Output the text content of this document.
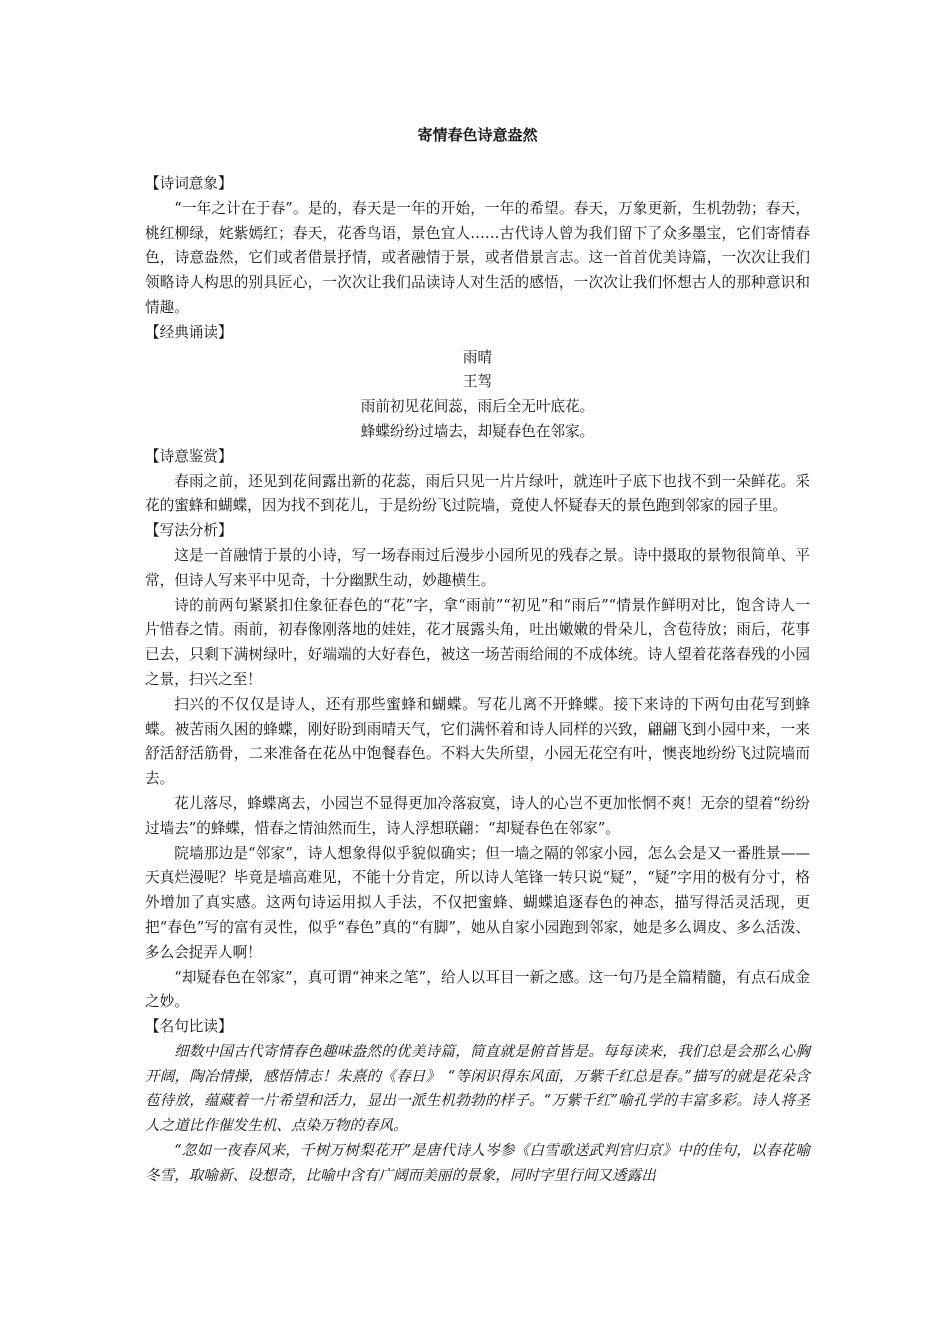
寄情春色诗意盎然

【诗词意象】

“一年之计在于春”。是的，春天是一年的开始，一年的希望。春天，万象更新，生机勃勃；春天，桃红柳绿，姹紫嫣红；春天，花香鸟语，景色宜人……古代诗人曾为我们留下了众多墨宝，它们寄情春色，诗意盎然，它们或者借景抒情，或者融情于景，或者借景言志。这一首首优美诗篇，一次次让我们领略诗人构思的别具匠心，一次次让我们品读诗人对生活的感悟，一次次让我们怀想古人的那种意识和情趣。

【经典诵读】

雨晴

王驾

雨前初见花间蕊，雨后全无叶底花。

蜂蝶纷纷过墙去，却疑春色在邻家。

【诗意鉴赏】

春雨之前，还见到花间露出新的花蕊，雨后只见一片片绿叶，就连叶子底下也找不到一朵鲜花。采花的蜜蜂和蝴蝶，因为找不到花儿，于是纷纷飞过院墙，竟使人怀疑春天的景色跑到邻家的园子里。

【写法分析】

这是一首融情于景的小诗，写一场春雨过后漫步小园所见的残春之景。诗中摄取的景物很简单、平常，但诗人写来平中见奇，十分幽默生动，妙趣横生。

诗的前两句紧紧扣住象征春色的“花”字，拿“雨前”“初见”和“雨后”“情景作鲜明对比，饱含诗人一片惜春之情。雨前，初春像刚落地的娃娃，花才展露头角，吐出嫩嫩的骨朵儿，含苞待放；雨后，花事已去，只剩下满树绿叶，好端端的大好春色，被这一场苦雨给闹的不成体统。诗人望着花落春残的小园之景，扫兴之至！

扫兴的不仅仅是诗人，还有那些蜜蜂和蝴蝶。写花儿离不开蜂蝶。接下来诗的下两句由花写到蜂蝶。被苦雨久困的蜂蝶，刚好盼到雨晴天气，它们满怀着和诗人同样的兴致，翩翩飞到小园中来，一来舒活舒活筋骨，二来准备在花丛中饱餐春色。不料大失所望，小园无花空有叶，懊丧地纷纷飞过院墙而去。

花儿落尽，蜂蝶离去，小园岂不显得更加冷落寂寞，诗人的心岂不更加怅惘不爽！无奈的望着“纷纷过墙去”的蜂蝶，惜春之情油然而生，诗人浮想联翩：“却疑春色在邻家”。

院墙那边是“邻家”，诗人想象得似乎貌似确实；但一墙之隔的邻家小园，怎么会是又一番胜景——天真烂漫呢？毕竟是墙高难见，不能十分肯定，所以诗人笔锋一转只说“疑”，“疑”字用的极有分寸，格外增加了真实感。这两句诗运用拟人手法，不仅把蜜蜂、蝴蝶追逐春色的神态，描写得活灵活现，更把“春色”写的富有灵性，似乎“春色”真的“有脚”，她从自家小园跑到邻家，她是多么调皮、多么活泼、多么会捉弄人啊！

“却疑春色在邻家”，真可谓“神来之笔”，给人以耳目一新之感。这一句乃是全篇精髓，有点石成金之妙。

【名句比读】

细数中国古代寄情春色趣味盎然的优美诗篇，简直就是俯首皆是。每每读来，我们总是会那么心胸开阔，陶冶情操，感悟情志！朱熹的《春日》　“等闲识得东风面，万紫千红总是春。”描写的就是花朵含苞待放，蕴藏着一片希望和活力，显出一派生机勃勃的样子。“万紫千红”喻孔学的丰富多彩。诗人将圣人之道比作催发生机、点染万物的春风。

“忽如一夜春风来，千树万树梨花开”是唐代诗人岑参《白雪歌送武判官归京》中的佳句，以春花喻冬雪，取喻新、设想奇，比喻中含有广阔而美丽的景象，同时字里行间又透露出
